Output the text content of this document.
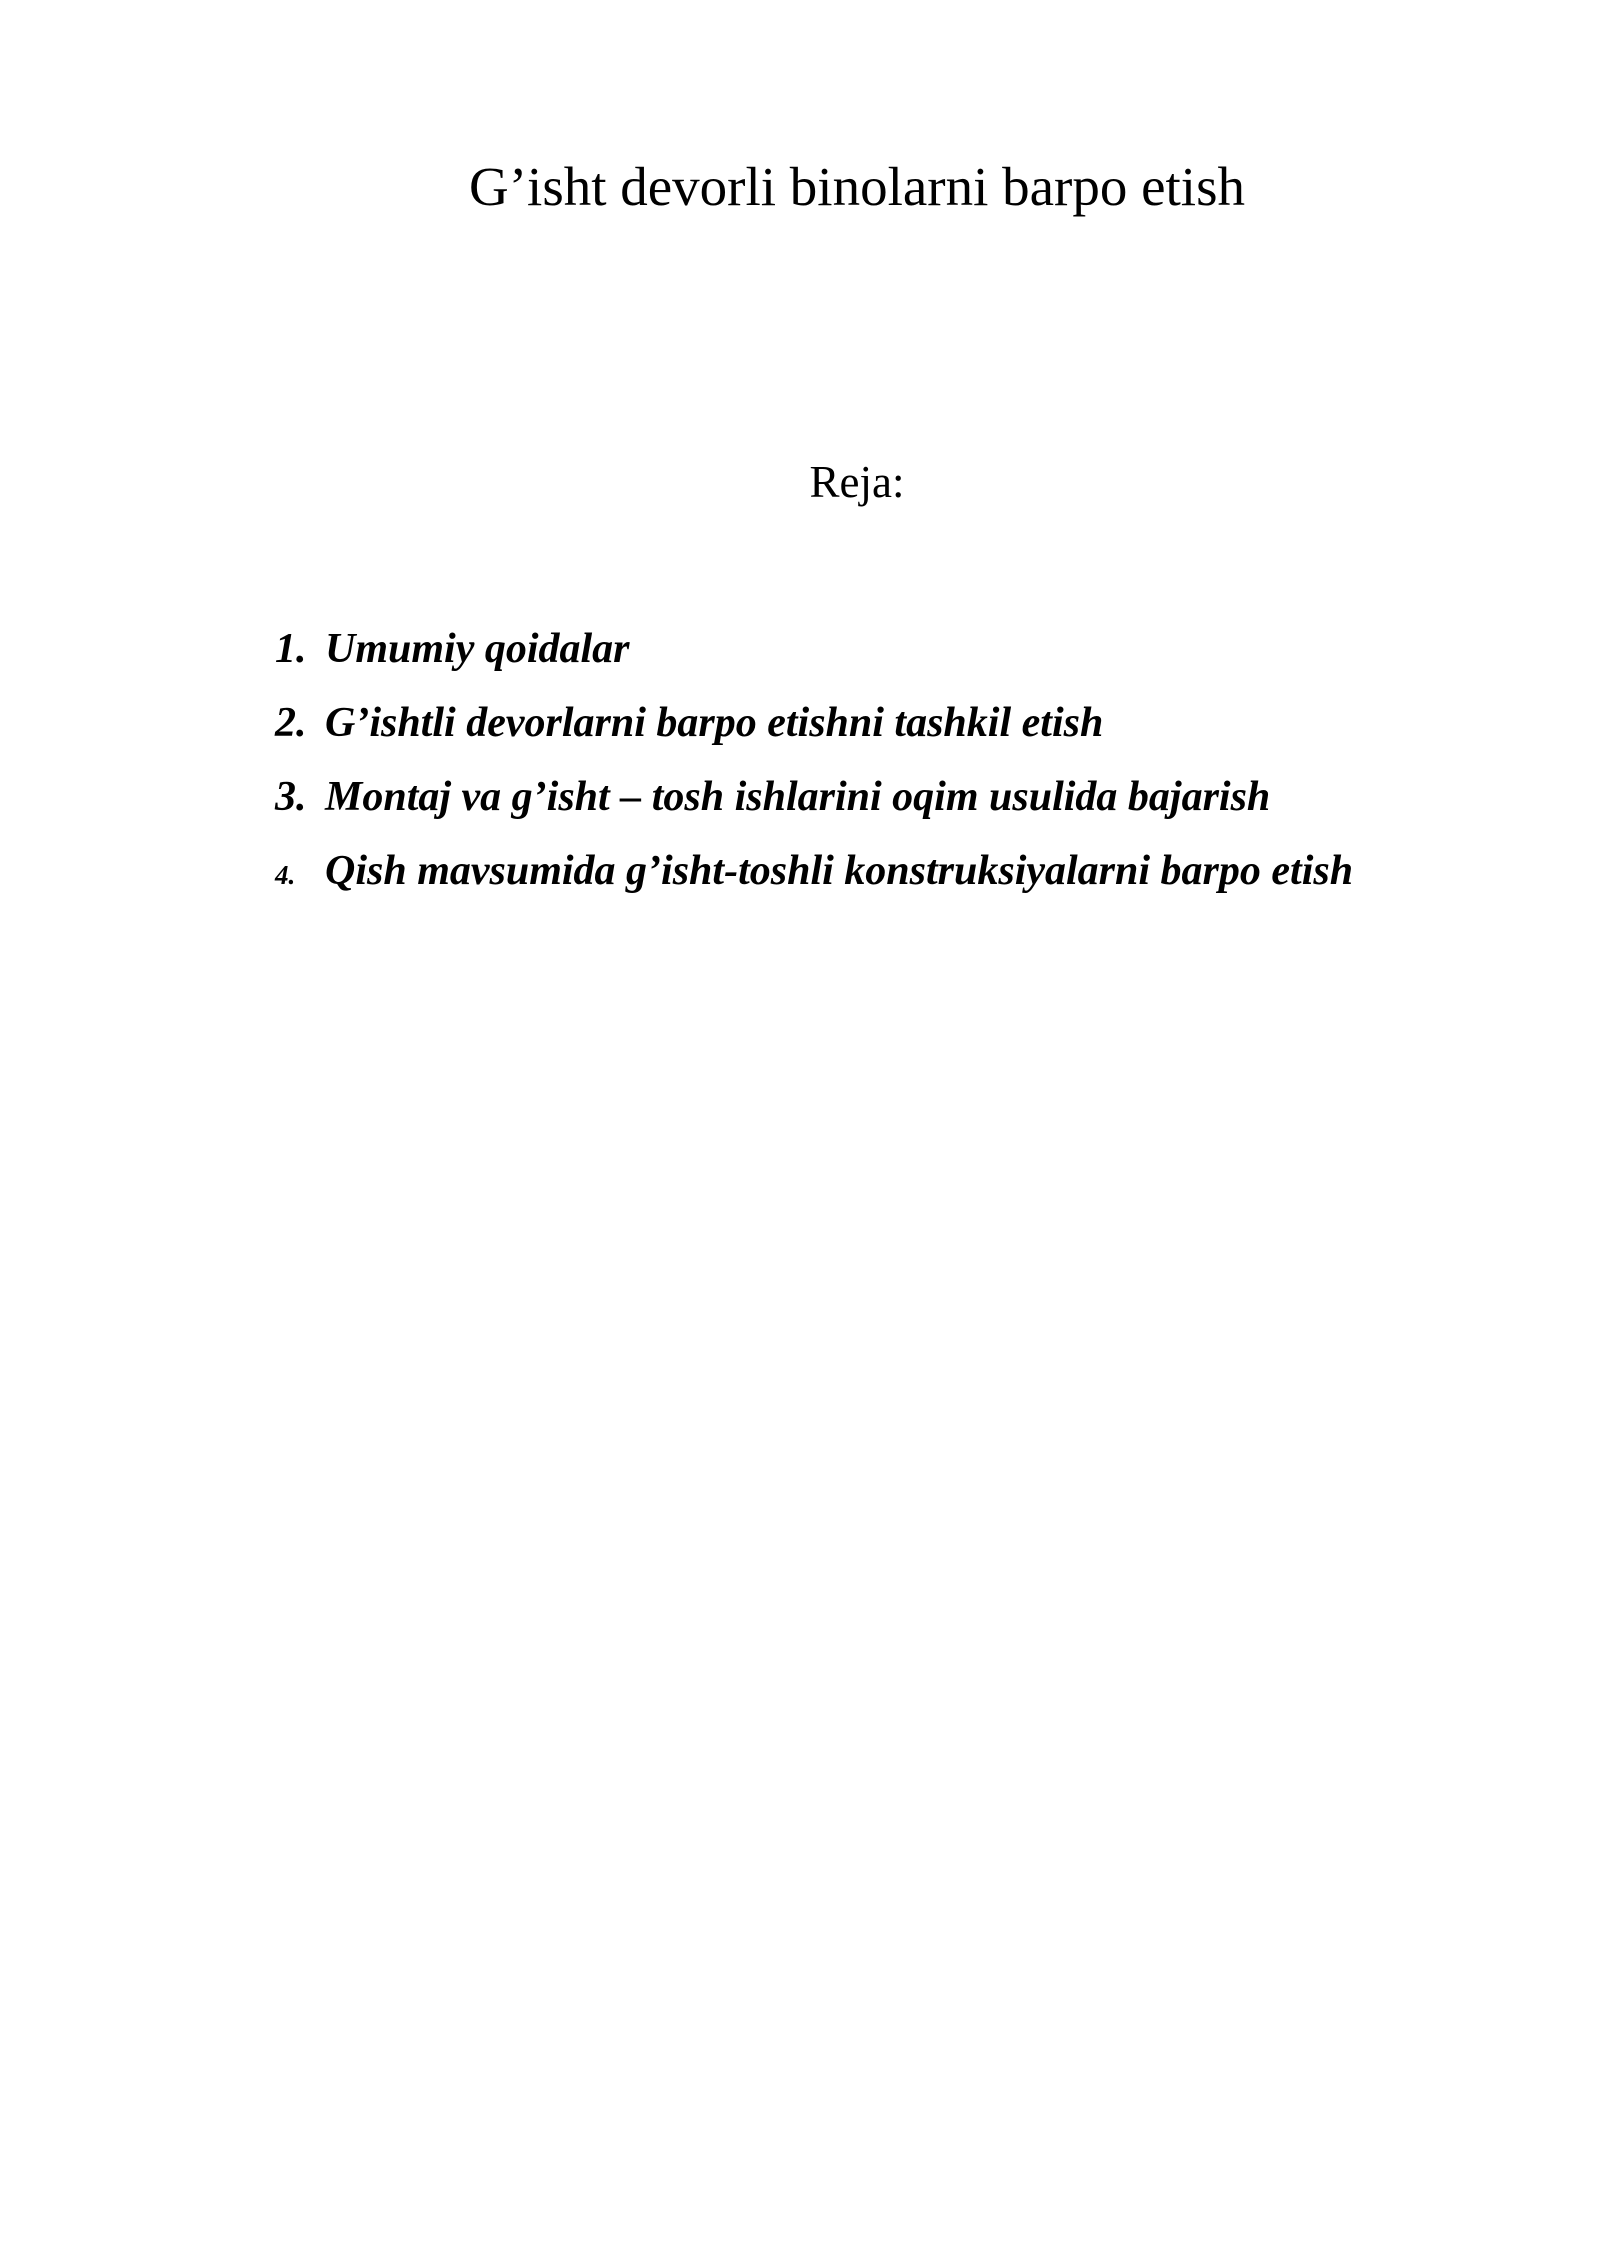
G’isht devorli binolarni barpo etish
Reja:
1. Umumiy qoidalar
2. G’ishtli devorlarni barpo etishni tashkil etish
3. Montaj va g’isht – tosh ishlarini oqim usulida bajarish
4. Qish mavsumida g’isht-toshli konstruksiyalarni barpo etish
